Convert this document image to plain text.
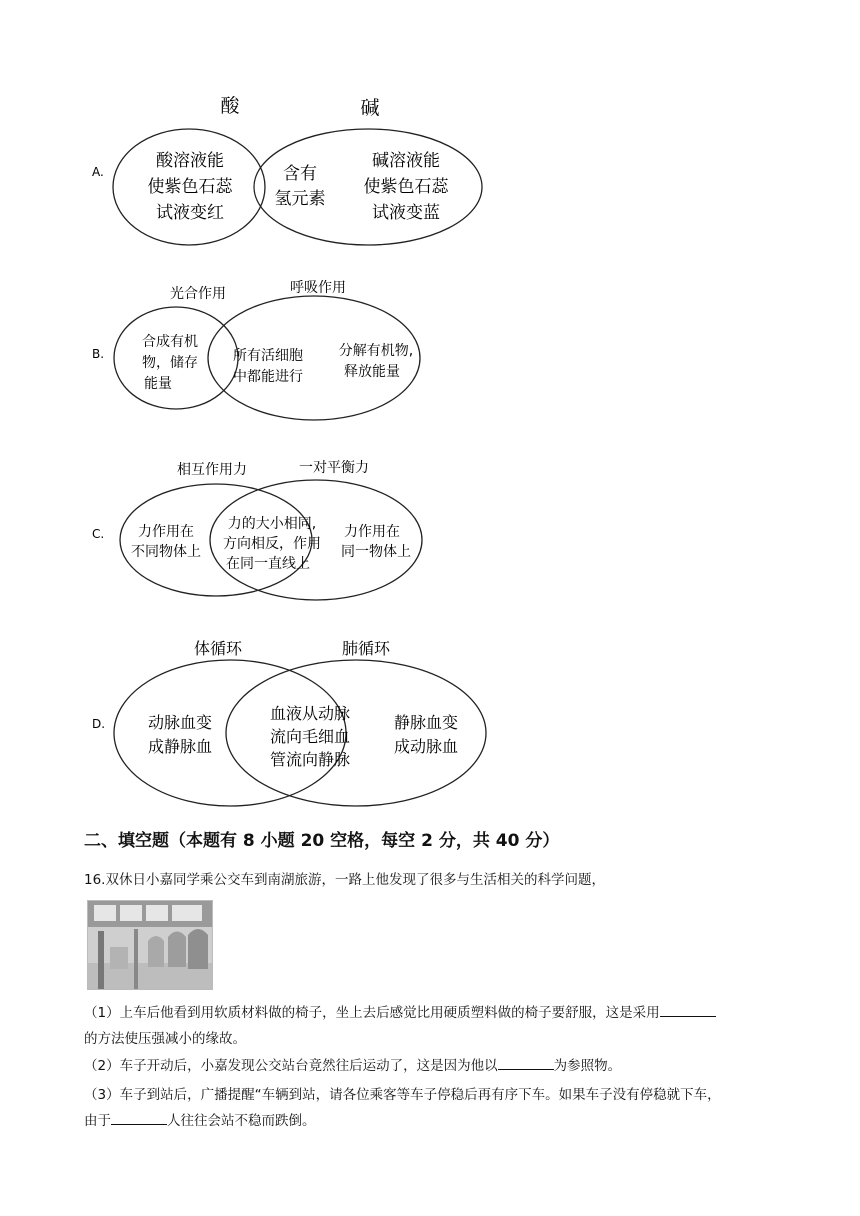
A.
酸	碱
酸溶液能
使紫色石蕊
试液变红
含有
氢元素
碱溶液能
使紫色石蕊
试液变蓝
B.
光合作用	呼吸作用
合成有机
物，储存
能量
所有活细胞
中都能进行
分解有机物,
释放能量
C.
相互作用力	一对平衡力
力作用在
不同物体上
力的大小相同,
方向相反，作用
在同一直线上
力作用在
同一物体上
D.
体循环	肺循环
动脉血变
成静脉血
血液从动脉
流向毛细血
管流向静脉
静脉血变
成动脉血
二、填空题（本题有 8 小题 20 空格，每空 2 分，共 40 分）
16.双休日小嘉同学乘公交车到南湖旅游，一路上他发现了很多与生活相关的科学问题，
（1）上车后他看到用软质材料做的椅子，坐上去后感觉比用硬质塑料做的椅子要舒服，这是采用
的方法使压强减小的缘故。
（2）车子开动后，小嘉发现公交站台竟然往后运动了，这是因为他以	为参照物。
（3）车子到站后，广播提醒“车辆到站，请各位乘客等车子停稳后再有序下车。如果车子没有停稳就下车，
由于	人往往会站不稳而跌倒。
